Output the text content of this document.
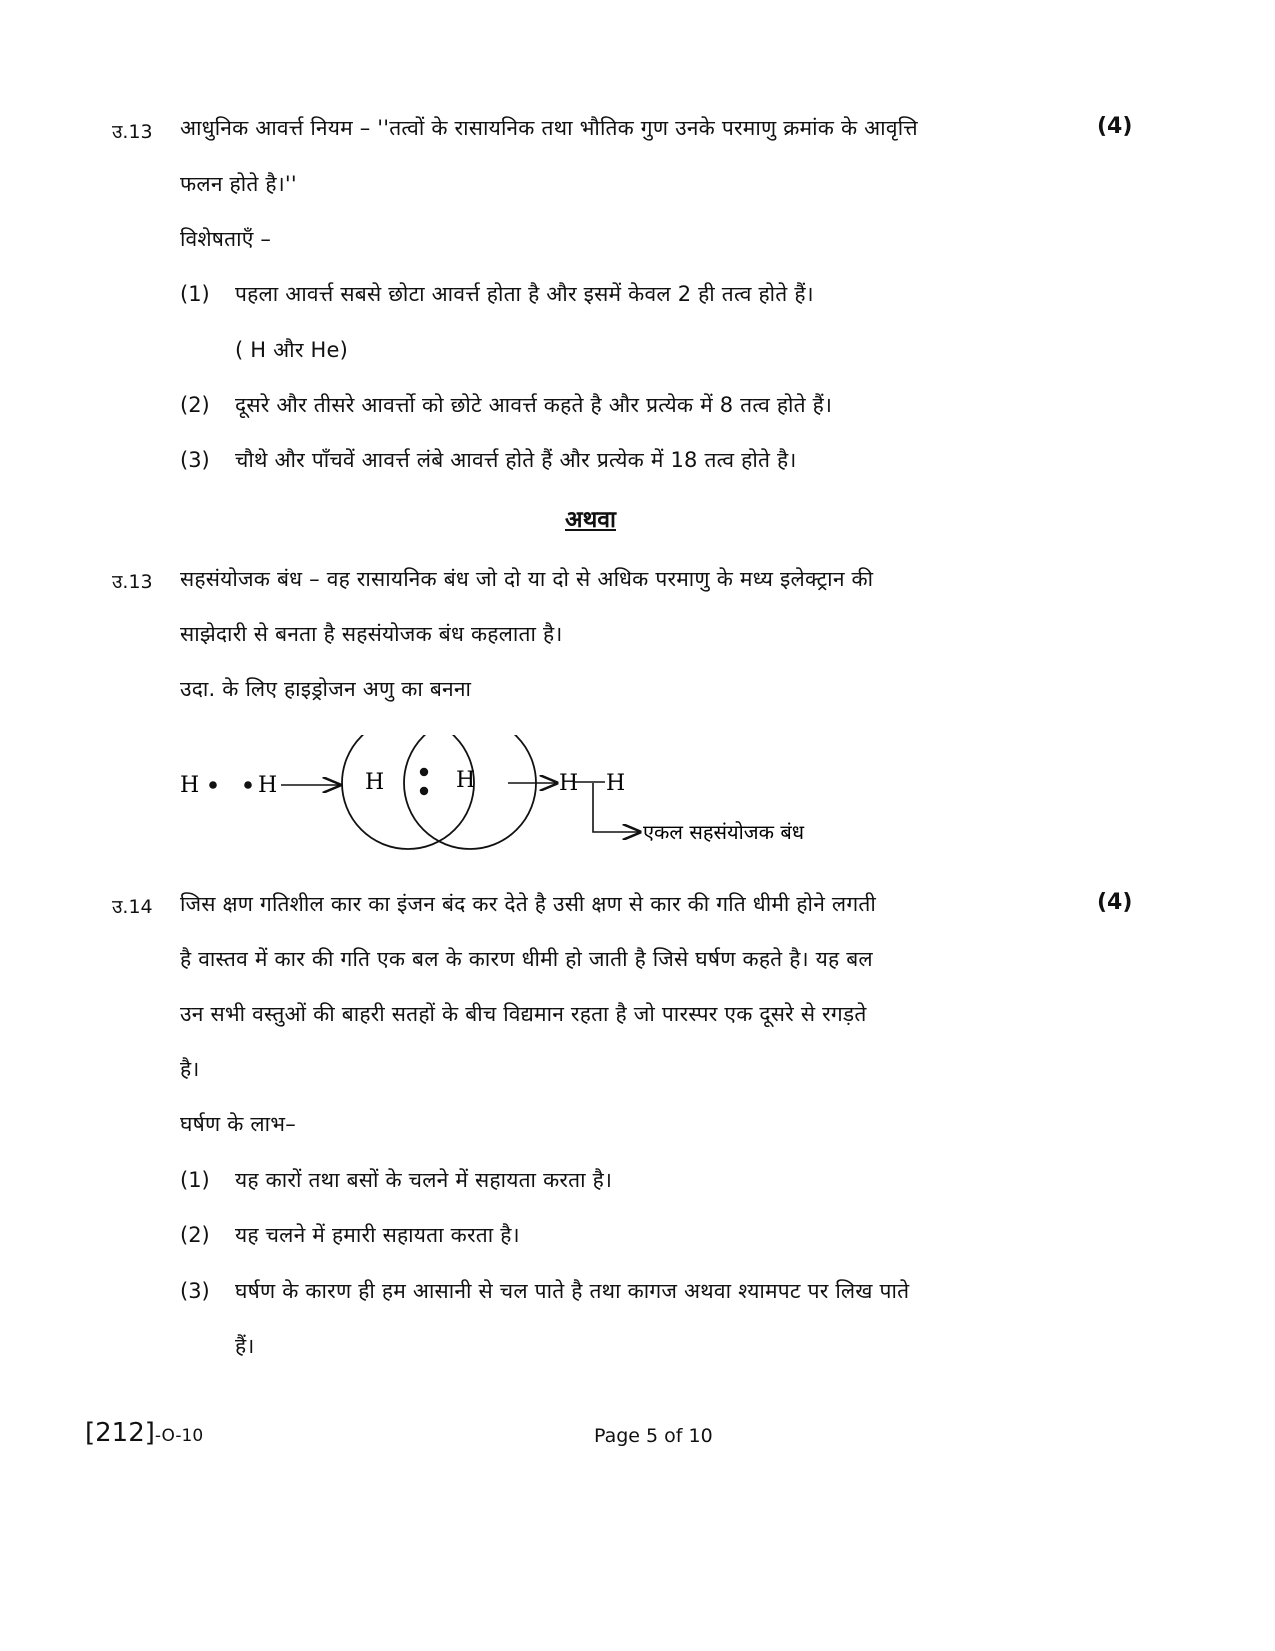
उ.13 आधुनिक आवर्त्त नियम – ''तत्वों के रासायनिक तथा भौतिक गुण उनके परमाणु क्रमांक के आवृत्ति	(4)
फलन होते है।''
विशेषताएँ –
(1) पहला आवर्त्त सबसे छोटा आवर्त्त होता है और इसमें केवल 2 ही तत्व होते हैं।
( H और He)
(2) दूसरे और तीसरे आवर्त्तो को छोटे आवर्त्त कहते है और प्रत्येक में 8 तत्व होते हैं।
(3) चौथे और पाँचवें आवर्त्त लंबे आवर्त्त होते हैं और प्रत्येक में 18 तत्व होते है।
अथवा
उ.13 सहसंयोजक बंध – वह रासायनिक बंध जो दो या दो से अधिक परमाणु के मध्य इलेक्ट्रान की
साझेदारी से बनता है सहसंयोजक बंध कहलाता है।
उदा. के लिए हाइड्रोजन अणु का बनना
H	H	H	H	H H
एकल सहसंयोजक बंध
उ.14 जिस क्षण गतिशील कार का इंजन बंद कर देते है उसी क्षण से कार की गति धीमी होने लगती	(4)
है वास्तव में कार की गति एक बल के कारण धीमी हो जाती है जिसे घर्षण कहते है। यह बल
उन सभी वस्तुओं की बाहरी सतहों के बीच विद्यमान रहता है जो पारस्पर एक दूसरे से रगड़ते
है।
घर्षण के लाभ–
(1) यह कारों तथा बसों के चलने में सहायता करता है।
(2) यह चलने में हमारी सहायता करता है।
(3) घर्षण के कारण ही हम आसानी से चल पाते है तथा कागज अथवा श्यामपट पर लिख पाते
हैं।
[212]-O-10	Page 5 of 10
